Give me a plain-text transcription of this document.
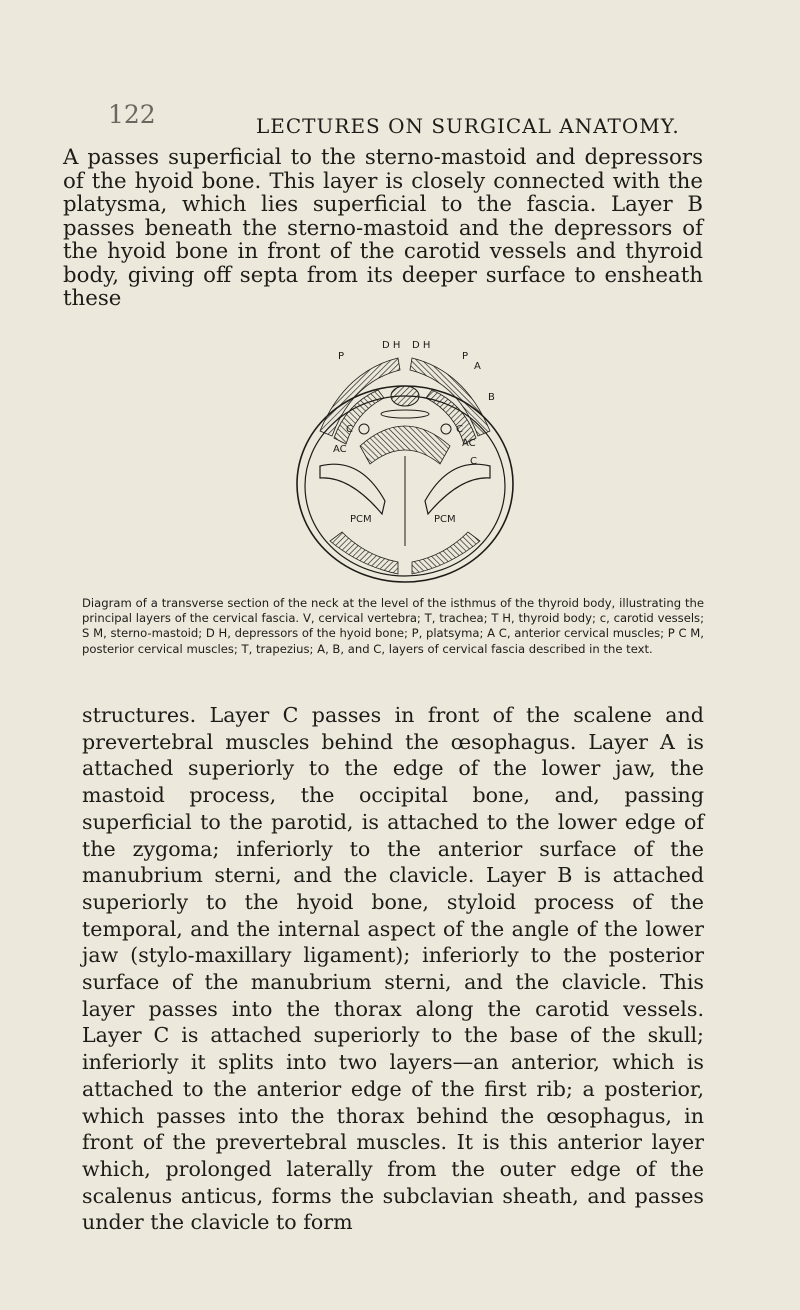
122	LECTURES ON SURGICAL ANATOMY.

A passes superficial to the sterno-mastoid and depressors of the hyoid bone. This layer is closely connected with the platysma, which lies superficial to the fascia. Layer B passes beneath the sterno-mastoid and the depressors of the hyoid bone in front of the carotid vessels and thyroid body, giving off septa from its deeper surface to ensheath these

D H D H
P	P
A
B
C	C
AC
AC
C
PCM	PCM

Diagram of a transverse section of the neck at the level of the isthmus of the thyroid body, illustrating the principal layers of the cervical fascia. V, cervical vertebra; T, trachea; T H, thyroid body; c, carotid vessels; S M, sterno-mastoid; D H, depressors of the hyoid bone; P, platsyma; A C, anterior cervical muscles; P C M, posterior cervical muscles; T, trapezius; A, B, and C, layers of cervical fascia described in the text.

structures. Layer C passes in front of the scalene and prevertebral muscles behind the œsophagus. Layer A is attached superiorly to the edge of the lower jaw, the mastoid process, the occipital bone, and, passing superficial to the parotid, is attached to the lower edge of the zygoma; inferiorly to the anterior surface of the manubrium sterni, and the clavicle. Layer B is attached superiorly to the hyoid bone, styloid process of the temporal, and the internal aspect of the angle of the lower jaw (stylo-maxillary ligament); inferiorly to the posterior surface of the manubrium sterni, and the clavicle. This layer passes into the thorax along the carotid vessels. Layer C is attached superiorly to the base of the skull; inferiorly it splits into two layers—an anterior, which is attached to the anterior edge of the first rib; a posterior, which passes into the thorax behind the œsophagus, in front of the prevertebral muscles. It is this anterior layer which, prolonged laterally from the outer edge of the scalenus anticus, forms the subclavian sheath, and passes under the clavicle to form
